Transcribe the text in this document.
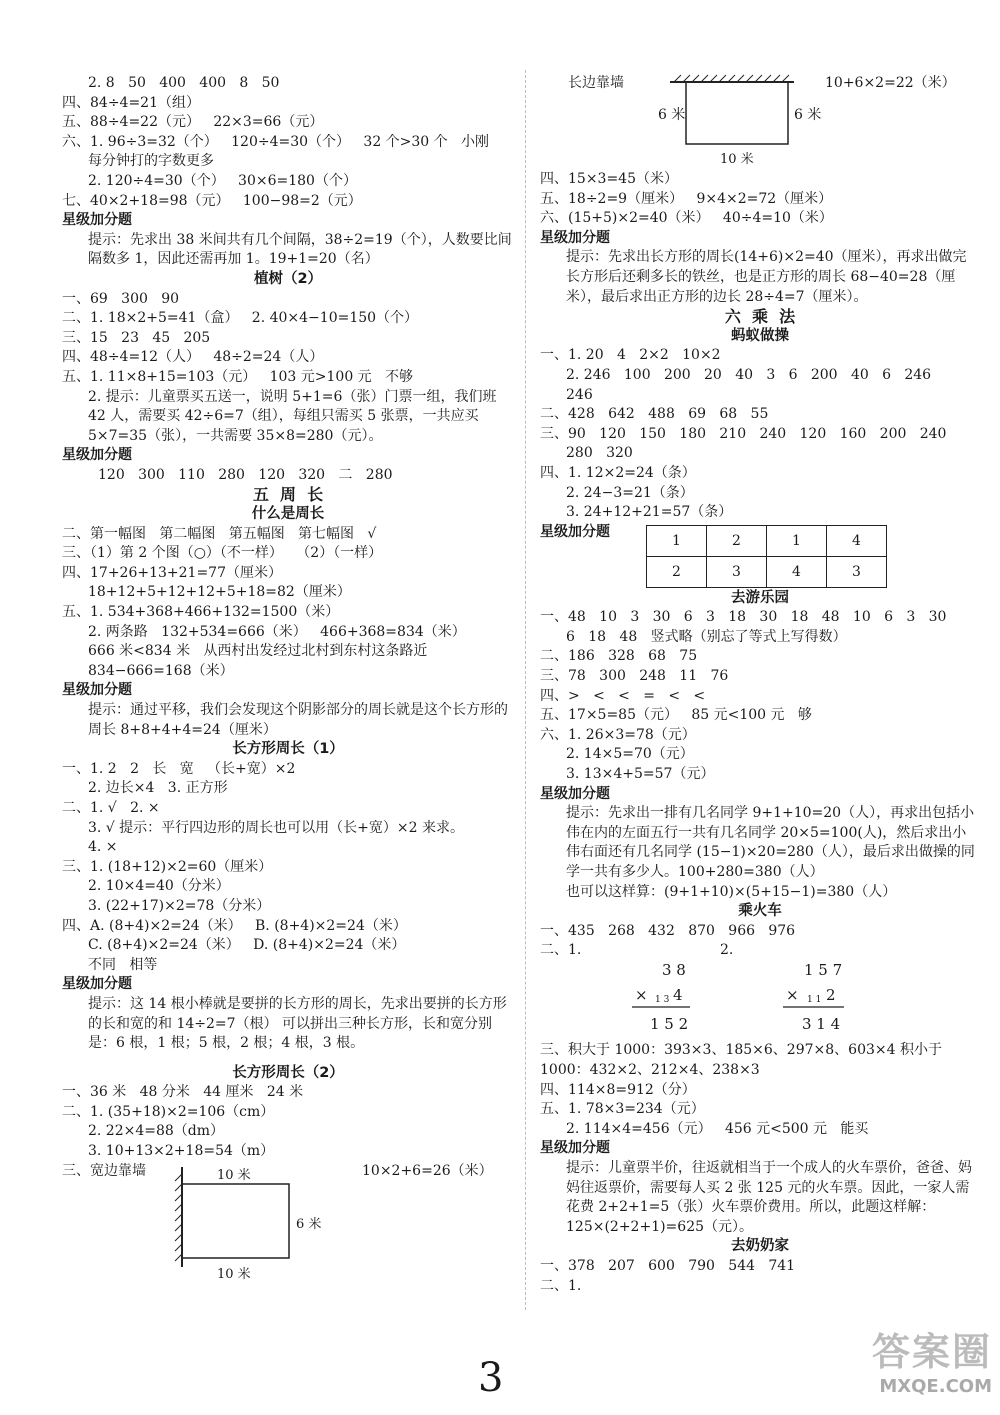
2. 8   50   400   400   8   50
四、84÷4=21（组）
五、88÷4=22（元）   22×3=66（元）
六、1. 96÷3=32（个）   120÷4=30（个）   32 个>30 个   小刚
每分钟打的字数更多
2. 120÷4=30（个）   30×6=180（个）
七、40×2+18=98（元）   100−98=2（元）
星级加分题
提示：先求出 38 米间共有几个间隔，38÷2=19（个），人数要比间隔数多 1，因此还需再加 1。19+1=20（名）
植树（2）
一、69   300   90
二、1. 18×2+5=41（盒）   2. 40×4−10=150（个）
三、15   23   45   205
四、48÷4=12（人）   48÷2=24（人）
五、1. 11×8+15=103（元）   103 元>100 元   不够
2. 提示：儿童票买五送一，说明 5+1=6（张）门票一组，我们班 42 人，需要买 42÷6=7（组），每组只需买 5 张票，一共应买 5×7=35（张），一共需要 35×8=280（元）。
星级加分题
120   300   110   280   120   320   二   280
五  周  长
什么是周长
二、第一幅图   第二幅图   第五幅图   第七幅图   √
三、（1）第 2 个图（○）（不一样）   （2）（一样）
四、17+26+13+21=77（厘米）
18+12+5+12+12+5+18=82（厘米）
五、1. 534+368+466+132=1500（米）
2. 两条路   132+534=666（米）   466+368=834（米）
666 米<834 米   从西村出发经过北村到东村这条路近
834−666=168（米）
星级加分题
提示：通过平移，我们会发现这个阴影部分的周长就是这个长方形的周长 8+8+4+4=24（厘米）
长方形周长（1）
一、1. 2   2   长   宽   （长+宽）×2
2. 边长×4   3. 正方形
二、1. √   2. ×
3. √ 提示：平行四边形的周长也可以用（长+宽）×2 来求。
4. ×
三、1. (18+12)×2=60（厘米）
2. 10×4=40（分米）
3. (22+17)×2=78（分米）
四、A. (8+4)×2=24（米）   B. (8+4)×2=24（米）
C. (8+4)×2=24（米）   D. (8+4)×2=24（米）
不同   相等
星级加分题
提示：这 14 根小棒就是要拼的长方形的周长，先求出要拼的长方形的长和宽的和 14÷2=7（根） 可以拼出三种长方形，长和宽分别是：6 根，1 根；5 根，2 根；4 根，3 根。
长方形周长（2）
一、36 米   48 分米   44 厘米   24 米
二、1. (35+18)×2=106（cm）
2. 22×4=88（dm）
3. 10+13×2+18=54（m）
三、宽边靠墙	10×2+6=26（米）
10 米
6 米
10 米
长边靠墙	10+6×2=22（米）
10 米
6 米	6 米
四、15×3=45（米）
五、18÷2=9（厘米）   9×4×2=72（厘米）
六、(15+5)×2=40（米）   40÷4=10（米）
星级加分题
提示：先求出长方形的周长(14+6)×2=40（厘米），再求出做完长方形后还剩多长的铁丝，也是正方形的周长 68−40=28（厘米），最后求出正方形的边长 28÷4=7（厘米）。
六  乘  法
蚂蚁做操
一、1. 20   4   2×2   10×2
2. 246   100   200   20   40   3   6   200   40   6   246
246
二、428   642   488   69   68   55
三、90   120   150   180   210   240   120   160   200   240
280   320
四、1. 12×2=24（条）
2. 24−3=21（条）
3. 24+12+21=57（条）
星级加分题
1	2	1	4
2	3	4	3
去游乐园
一、48   10   3   30   6   3   18   30   18   48   10   6   3   30
6   18   48   竖式略（别忘了等式上写得数）
二、186   328   68   75
三、78   300   248   11   76
四、>   <   <   =   <   <
五、17×5=85（元）   85 元<100 元   够
六、1. 26×3=78（元）
2. 14×5=70（元）
3. 13×4+5=57（元）
星级加分题
提示：先求出一排有几名同学 9+1+10=20（人），再求出包括小伟在内的左面五行一共有几名同学 20×5=100(人)，然后求出小伟右面还有几名同学 (15−1)×20=280（人），最后求出做操的同学一共有多少人。100+280=380（人）
也可以这样算：(9+1+10)×(5+15−1)=380（人）
乘火车
一、435   268   432   870   966   976
二、1.	2.
3 8
× 1 3 4
1 5 2
1 5 7
× 1 1 2
3 1 4
三、积大于 1000：393×3、185×6、297×8、603×4 积小于 1000：432×2、212×4、238×3
四、114×8=912（分）
五、1. 78×3=234（元）
2. 114×4=456（元）   456 元<500 元   能买
星级加分题
提示：儿童票半价，往返就相当于一个成人的火车票价，爸爸、妈妈往返票价，需要每人买 2 张 125 元的火车票。因此，一家人需花费 2+2+1=5（张）火车票价费用。所以，此题这样解：125×(2+2+1)=625（元）。
去奶奶家
一、378   207   600   790   544   741
二、1.
3
答案圈
MXQE.COM
